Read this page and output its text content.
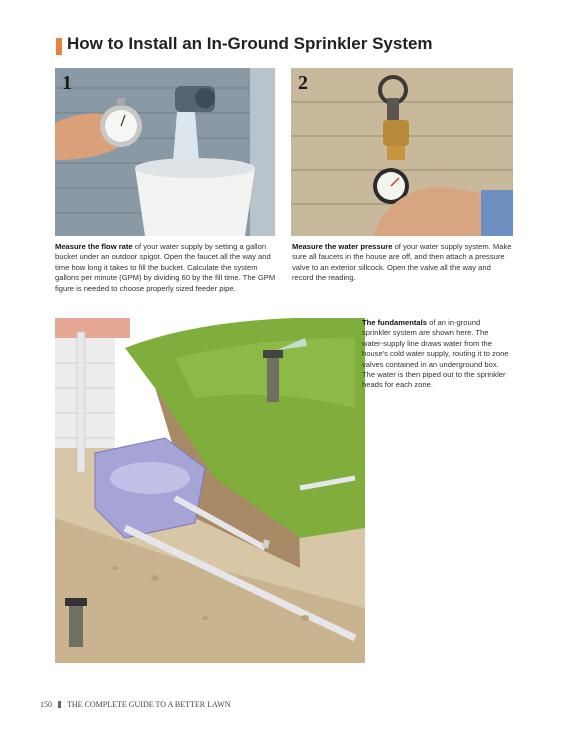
How to Install an In-Ground Sprinkler System
1	2
Measure the flow rate of your water supply by setting a gallon bucket under an outdoor spigot. Open the faucet all the way and time how long it takes to fill the bucket. Calculate the system gallons per minute (GPM) by dividing 60 by the fill time. The GPM figure is needed to choose properly sized feeder pipe.
Measure the water pressure of your water supply system. Make sure all faucets in the house are off, and then attach a pressure valve to an exterior sillcock. Open the valve all the way and record the reading.
The fundamentals of an in-ground sprinkler system are shown here. The water-supply line draws water from the house's cold water supply, routing it to zone valves contained in an underground box. The water is then piped out to the sprinkler heads for each zone.
150 THE COMPLETE GUIDE TO A BETTER LAWN
